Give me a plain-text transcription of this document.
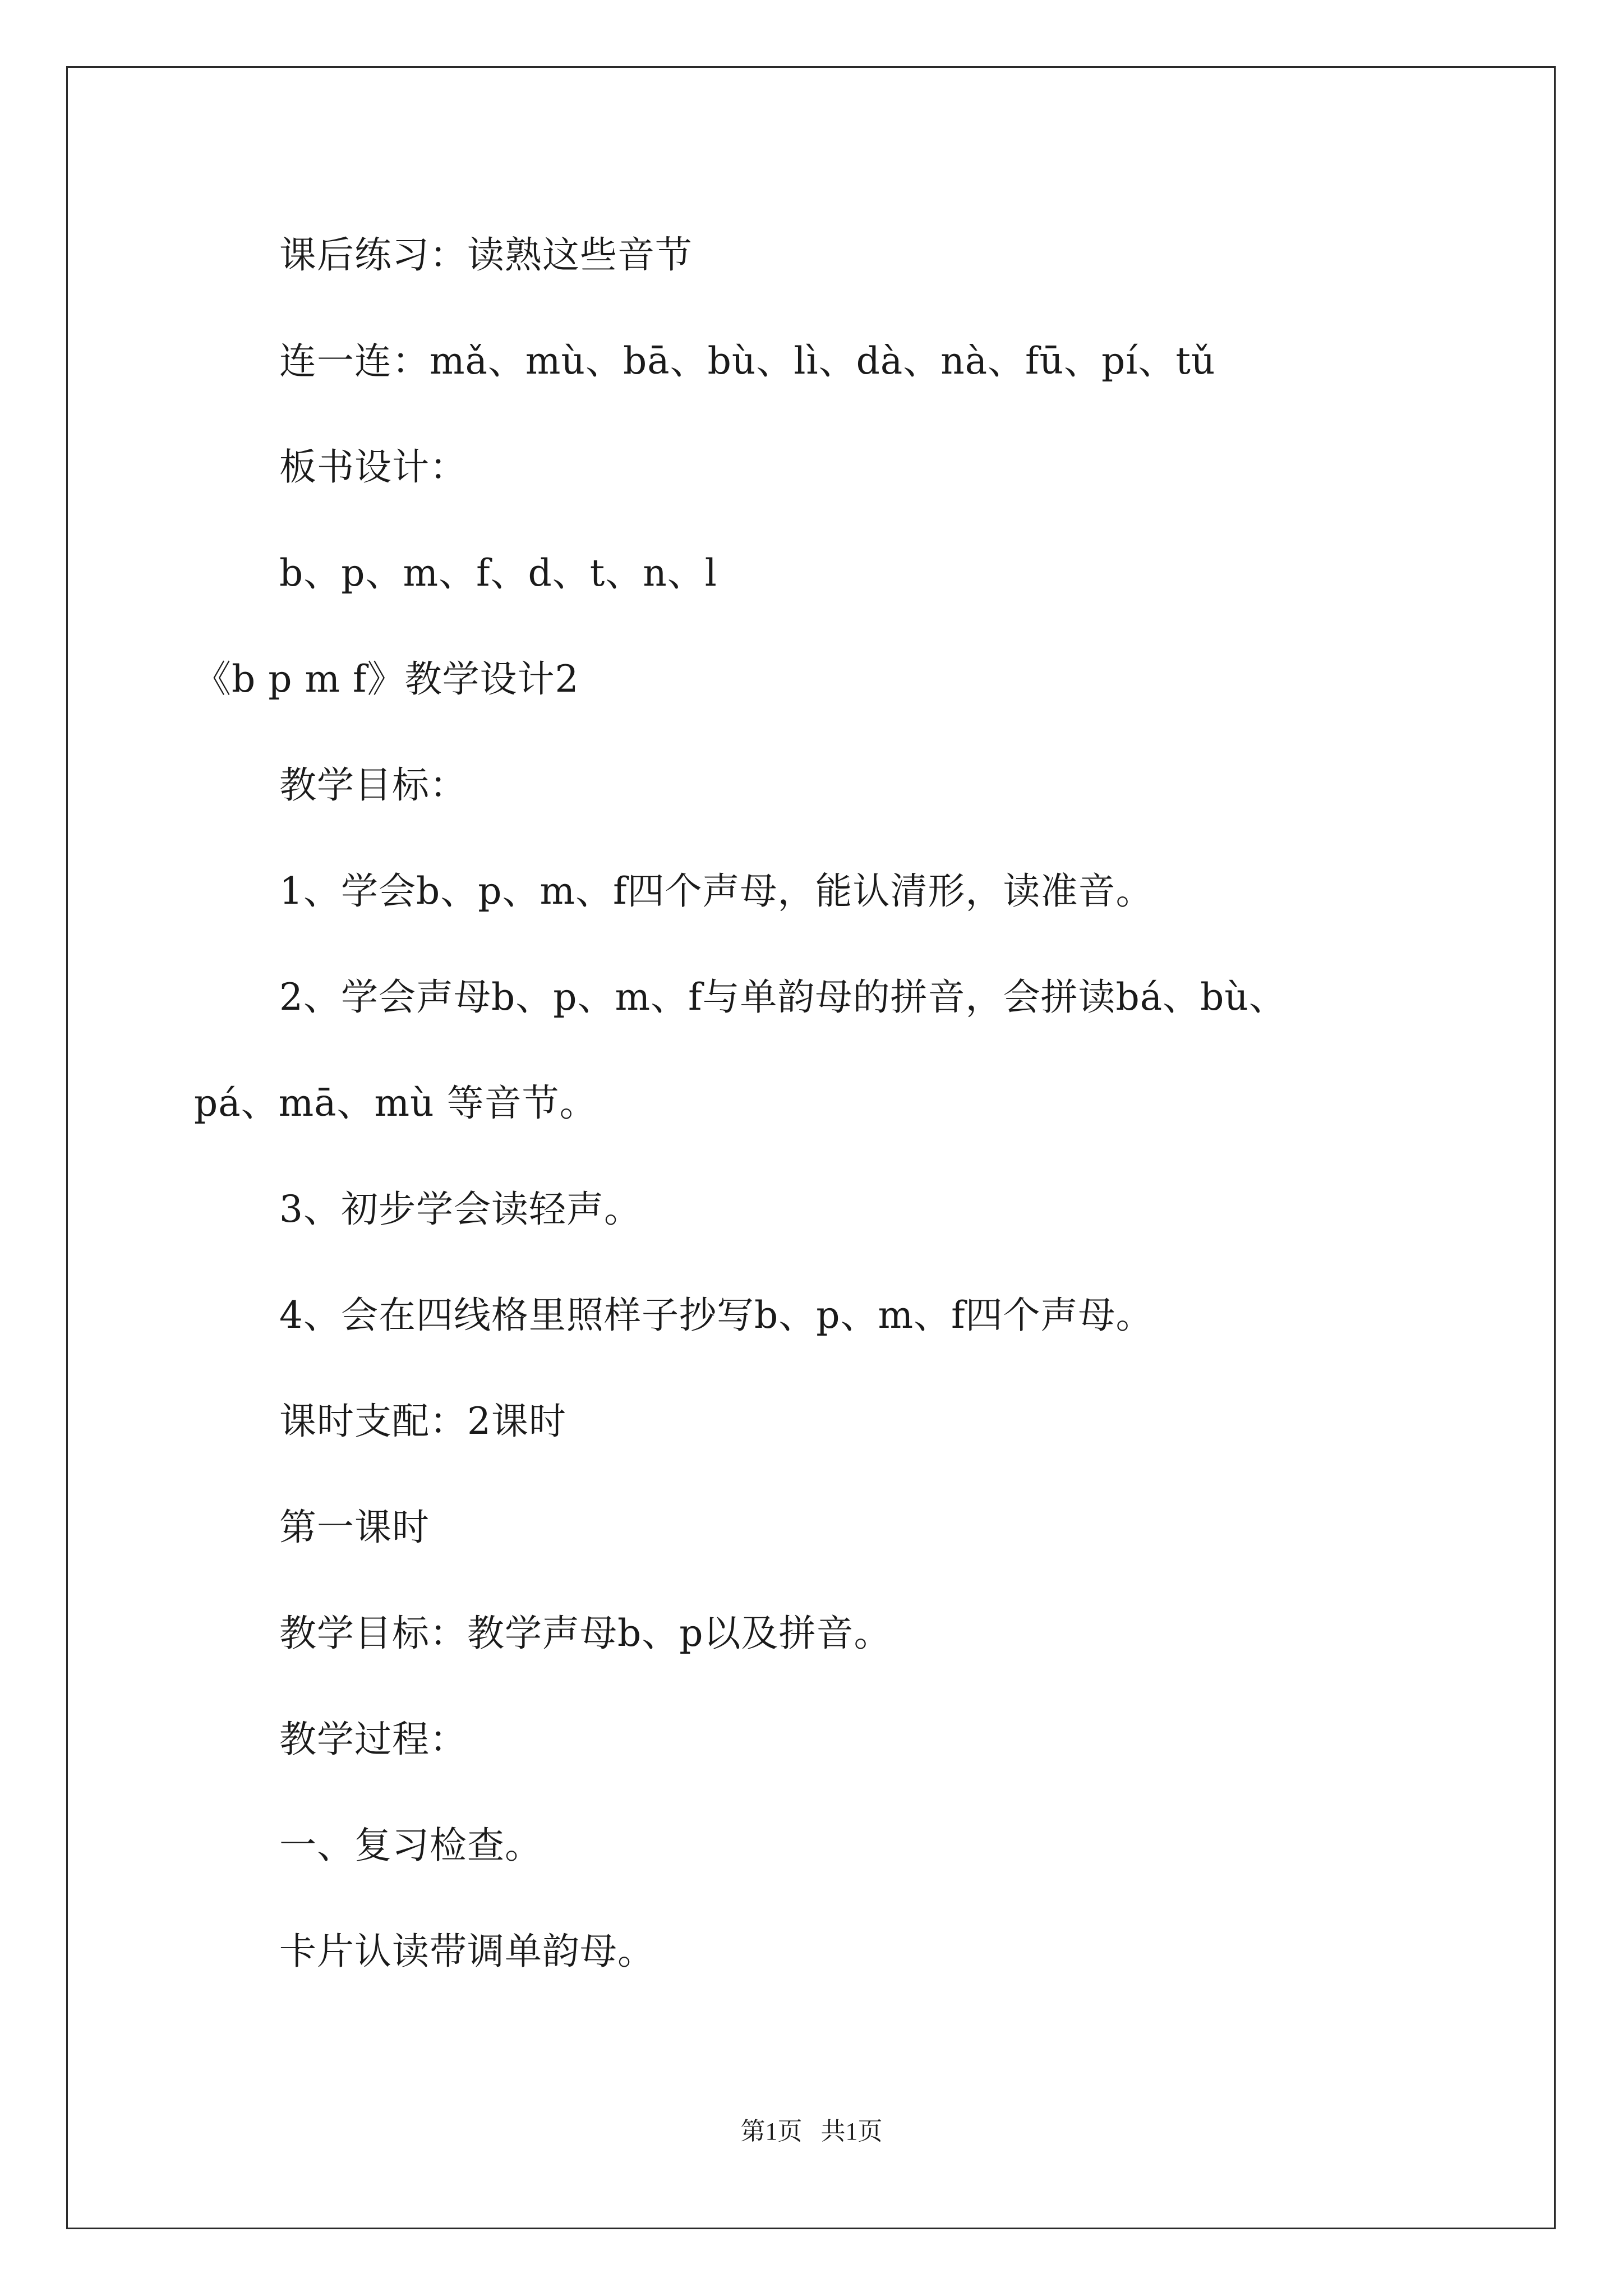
课后练习：读熟这些音节
连一连：mǎ、mù、bā、bù、lì、dà、nà、fū、pí、tǔ
板书设计：
b、p、m、f、d、t、n、l
《b p m f》教学设计2
教学目标：
1、学会b、p、m、f四个声母，能认清形，读准音。
2、学会声母b、p、m、f与单韵母的拼音，会拼读bá、bù、
pá、mā、mù 等音节。
3、初步学会读轻声。
4、会在四线格里照样子抄写b、p、m、f四个声母。
课时支配：2课时
第一课时
教学目标：教学声母b、p以及拼音。
教学过程：
一、复习检查。
卡片认读带调单韵母。
第1页   共1页
